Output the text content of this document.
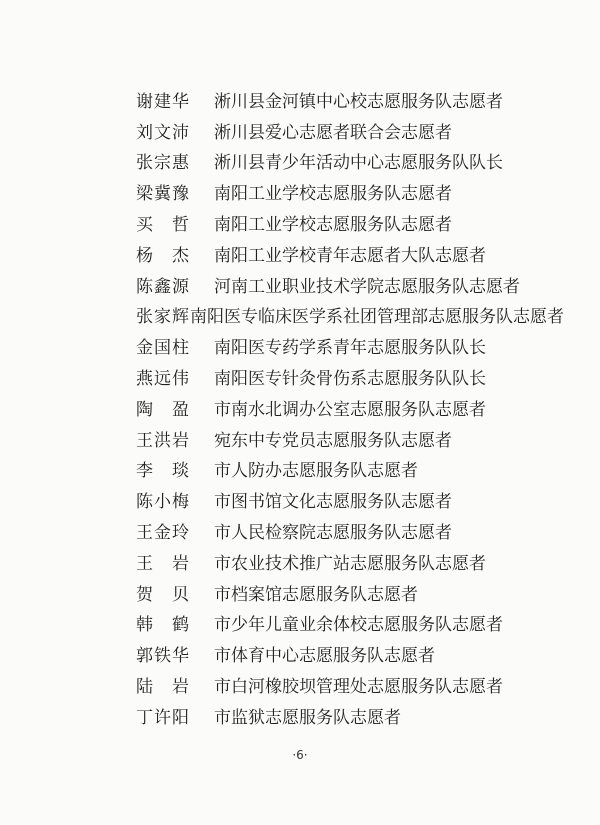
谢建华	淅川县金河镇中心校志愿服务队志愿者
刘文沛	淅川县爱心志愿者联合会志愿者
张宗惠	淅川县青少年活动中心志愿服务队队长
梁冀豫	南阳工业学校志愿服务队志愿者
买　哲	南阳工业学校志愿服务队志愿者
杨　杰	南阳工业学校青年志愿者大队志愿者
陈鑫源	河南工业职业技术学院志愿服务队志愿者
张家辉 南阳医专临床医学系社团管理部志愿服务队志愿者
金国柱	南阳医专药学系青年志愿服务队队长
燕远伟	南阳医专针灸骨伤系志愿服务队队长
陶　盈	市南水北调办公室志愿服务队志愿者
王洪岩	宛东中专党员志愿服务队志愿者
李　琰	市人防办志愿服务队志愿者
陈小梅	市图书馆文化志愿服务队志愿者
王金玲	市人民检察院志愿服务队志愿者
王　岩	市农业技术推广站志愿服务队志愿者
贺　贝	市档案馆志愿服务队志愿者
韩　鹤	市少年儿童业余体校志愿服务队志愿者
郭铁华	市体育中心志愿服务队志愿者
陆　岩	市白河橡胶坝管理处志愿服务队志愿者
丁许阳	市监狱志愿服务队志愿者
·6·
